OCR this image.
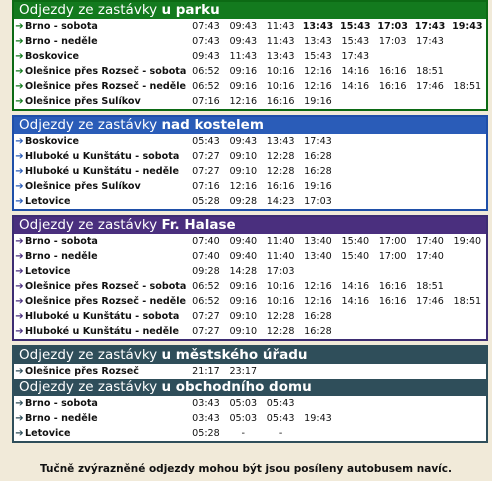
Odjezdy ze zastávky u parku
➔ Brno - sobota	07:43	09:43	11:43 13:43 15:43 17:03 17:43 19:43
➔ Brno - neděle	07:43	09:43	11:43	13:43	15:43	17:03	17:43
➔ Boskovice	09:43	11:43	13:43	15:43	17:43
➔ Olešnice přes Rozseč - sobota 06:52	09:16	10:16	12:16	14:16	16:16	18:51
➔ Olešnice přes Rozseč - neděle 06:52	09:16	10:16	12:16	14:16	16:16	17:46	18:51
➔ Olešnice přes Sulíkov	07:16	12:16	16:16	19:16
Odjezdy ze zastávky nad kostelem
➔ Boskovice	05:43	09:43	13:43	17:43
➔ Hluboké u Kunštátu - sobota	07:27	09:10	12:28	16:28
➔ Hluboké u Kunštátu - neděle	07:27	09:10	12:28	16:28
➔ Olešnice přes Sulíkov	07:16	12:16	16:16	19:16
➔ Letovice	05:28	09:28	14:23	17:03
Odjezdy ze zastávky Fr. Halase
➔ Brno - sobota	07:40	09:40	11:40	13:40	15:40	17:00	17:40	19:40
➔ Brno - neděle	07:40	09:40	11:40	13:40	15:40	17:00	17:40
➔ Letovice	09:28	14:28	17:03
➔ Olešnice přes Rozseč - sobota 06:52	09:16	10:16	12:16	14:16	16:16	18:51
➔ Olešnice přes Rozseč - neděle 06:52	09:16	10:16	12:16	14:16	16:16	17:46	18:51
➔ Hluboké u Kunštátu - sobota	07:27	09:10	12:28	16:28
➔ Hluboké u Kunštátu - neděle	07:27	09:10	12:28	16:28
Odjezdy ze zastávky u městského úřadu
➔ Olešnice přes Rozseč	21:17	23:17
Odjezdy ze zastávky u obchodního domu
➔ Brno - sobota	03:43	05:03	05:43
➔ Brno - neděle	03:43	05:03	05:43	19:43
➔ Letovice	05:28	-	-
Tučně zvýrazněné odjezdy mohou být jsou posíleny autobusem navíc.
